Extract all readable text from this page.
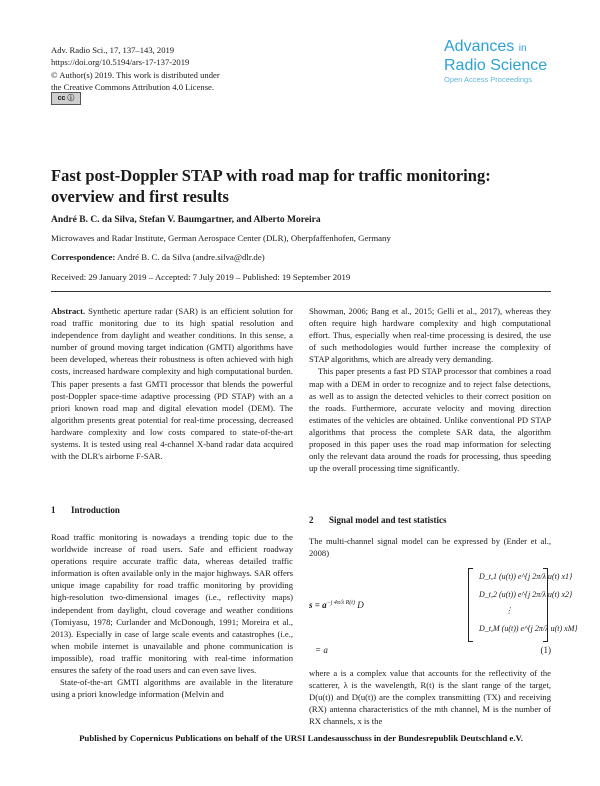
Adv. Radio Sci., 17, 137–143, 2019
https://doi.org/10.5194/ars-17-137-2019
© Author(s) 2019. This work is distributed under
the Creative Commons Attribution 4.0 License.
cc ⓘ
Advances in
Radio Science
Open Access Proceedings
Fast post-Doppler STAP with road map for traffic monitoring: overview and first results
André B. C. da Silva, Stefan V. Baumgartner, and Alberto Moreira
Microwaves and Radar Institute, German Aerospace Center (DLR), Oberpfaffenhofen, Germany
Correspondence: André B. C. da Silva (andre.silva@dlr.de)
Received: 29 January 2019 – Accepted: 7 July 2019 – Published: 19 September 2019

Abstract. Synthetic aperture radar (SAR) is an efficient solution for road traffic monitoring due to its high spatial resolution and independence from daylight and weather conditions. In this sense, a number of ground moving target indication (GMTI) algorithms have been developed, whereas their robustness is often achieved with high costs, increased hardware complexity and high computational burden. This paper presents a fast GMTI processor that blends the powerful post-Doppler space-time adaptive processing (PD STAP) with an a priori known road map and digital elevation model (DEM). The algorithm presents great potential for real-time processing, decreased hardware complexity and low costs compared to state-of-the-art systems. It is tested using real 4-channel X-band radar data acquired with the DLR's airborne F-SAR.

1 Introduction

Road traffic monitoring is nowadays a trending topic due to the worldwide increase of road users. Safe and efficient roadway operations require accurate traffic data, whereas detailed traffic information is often available only in the major highways. SAR offers unique image capability for road traffic monitoring by providing high-resolution two-dimensional images (i.e., reflectivity maps) independent from daylight, cloud coverage and weather conditions (Tomiyasu, 1978; Curlander and McDonough, 1991; Moreira et al., 2013). Especially in case of large scale events and catastrophes (i.e., when mobile internet is unavailable and phone communication is impossible), road traffic monitoring with real-time information ensures the safety of the road users and can even save lives.

State-of-the-art GMTI algorithms are available in the literature using a priori knowledge information (Melvin and

Showman, 2006; Bang et al., 2015; Gelli et al., 2017), whereas they often require high hardware complexity and high computational effort. Thus, especially when real-time processing is desired, the use of such methodologies would further increase the complexity of STAP algorithms, which are already very demanding.

This paper presents a fast PD STAP processor that combines a road map with a DEM in order to recognize and to reject false detections, as well as to assign the detected vehicles to their correct position on the roads. Furthermore, accurate velocity and moving direction estimates of the vehicles are obtained. Unlike conventional PD STAP algorithms that process the complete SAR data, the algorithm proposed in this paper uses the road map information for selecting only the relevant data around the roads for processing, thus speeding up the overall processing time significantly.

2 Signal model and test statistics
The multi-channel signal model can be expressed by (Ender et al., 2008)
$s = a^{-j 4\pi/\lambda R(t)}$ D
D_t,1 (u(t)) e^{j 2π/λ u(t) x1}
D_t,2 (u(t)) e^{j 2π/λ u(t) x2}
⋮
D_t,M (u(t)) e^{j 2π/λ u(t) xM}
= a	(1)
where a is a complex value that accounts for the reflectivity of the scatterer, λ is the wavelength, R(t) is the slant range of the target, D(u(t)) and D(u(t)) are the complex transmitting (TX) and receiving (RX) antenna characteristics of the mth channel, M is the number of RX channels, x is the
Published by Copernicus Publications on behalf of the URSI Landesausschuss in der Bundesrepublik Deutschland e.V.
